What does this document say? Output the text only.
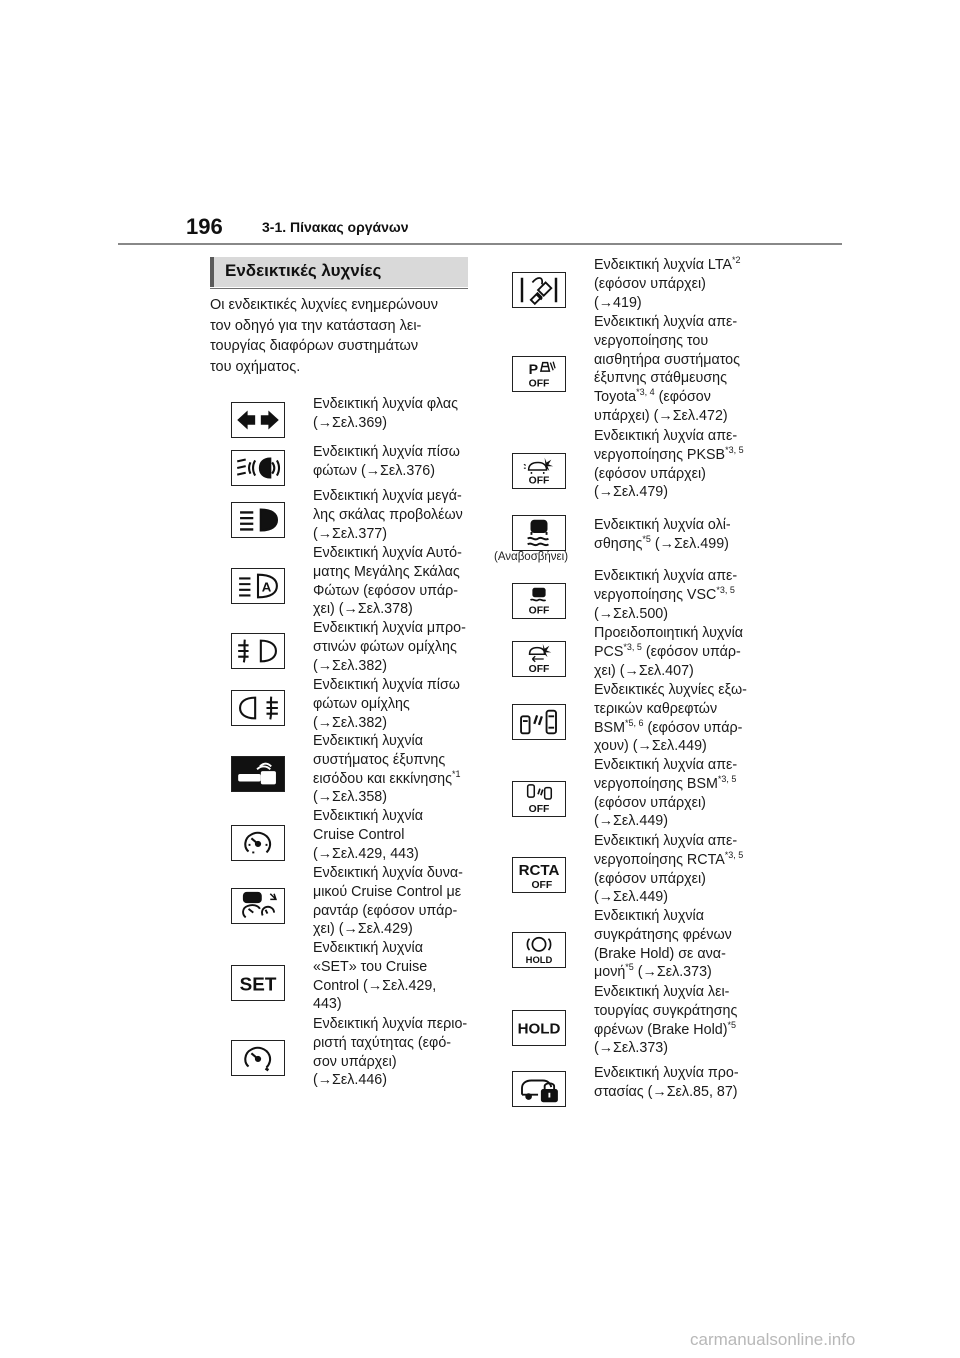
196	3-1. Πίνακας οργάνων
Ενδεικτικές λυχνίες
Οι ενδεικτικές λυχνίες ενημερώνουν
τον οδηγό για την κατάσταση λει-
τουργίας διαφόρων συστημάτων
του οχήματος.
A
SET
Ενδεικτική λυχνία φλας
(→Σελ.369)
Ενδεικτική λυχνία πίσω
φώτων (→Σελ.376)
Ενδεικτική λυχνία μεγά-
λης σκάλας προβολέων
(→Σελ.377)
Ενδεικτική λυχνία Αυτό-
ματης Μεγάλης Σκάλας
Φώτων (εφόσον υπάρ-
χει) (→Σελ.378)
Ενδεικτική λυχνία μπρο-
στινών φώτων ομίχλης
(→Σελ.382)
Ενδεικτική λυχνία πίσω
φώτων ομίχλης
(→Σελ.382)
Ενδεικτική λυχνία
συστήματος έξυπνης
εισόδου και εκκίνησης$^{*1}$
(→Σελ.358)
Ενδεικτική λυχνία
Cruise Control
(→Σελ.429, 443)
Ενδεικτική λυχνία δυνα-
μικού Cruise Control με
ραντάρ (εφόσον υπάρ-
χει) (→Σελ.429)
Ενδεικτική λυχνία
«SET» του Cruise
Control (→Σελ.429,
443)
Ενδεικτική λυχνία περιο-
ριστή ταχύτητας (εφό-
σον υπάρχει)
(→Σελ.446)
P
OFF
OFF
OFF
OFF
OFF
RCTA
OFF
HOLD
HOLD
(Αναβοσβήνει)
Ενδεικτική λυχνία LTA$^{*2}$
(εφόσον υπάρχει)
(→419)
Ενδεικτική λυχνία απε-
νεργοποίησης του
αισθητήρα συστήματος
έξυπνης στάθμευσης
Toyota$^{*3, 4}$ (εφόσον
υπάρχει) (→Σελ.472)
Ενδεικτική λυχνία απε-
νεργοποίησης PKSB$^{*3, 5}$
(εφόσον υπάρχει)
(→Σελ.479)
Ενδεικτική λυχνία ολί-
σθησης$^{*5}$ (→Σελ.499)
Ενδεικτική λυχνία απε-
νεργοποίησης VSC$^{*3, 5}$
(→Σελ.500)
Προειδοποιητική λυχνία
PCS$^{*3, 5}$ (εφόσον υπάρ-
χει) (→Σελ.407)
Ενδεικτικές λυχνίες εξω-
τερικών καθρεφτών
BSM$^{*5, 6}$ (εφόσον υπάρ-
χουν) (→Σελ.449)
Ενδεικτική λυχνία απε-
νεργοποίησης BSM$^{*3, 5}$
(εφόσον υπάρχει)
(→Σελ.449)
Ενδεικτική λυχνία απε-
νεργοποίησης RCTA$^{*3, 5}$
(εφόσον υπάρχει)
(→Σελ.449)
Ενδεικτική λυχνία
συγκράτησης φρένων
(Brake Hold) σε ανα-
μονή$^{*5}$ (→Σελ.373)
Ενδεικτική λυχνία λει-
τουργίας συγκράτησης
φρένων (Brake Hold)$^{*5}$
(→Σελ.373)
Ενδεικτική λυχνία προ-
στασίας (→Σελ.85, 87)
carmanualsonline.info
